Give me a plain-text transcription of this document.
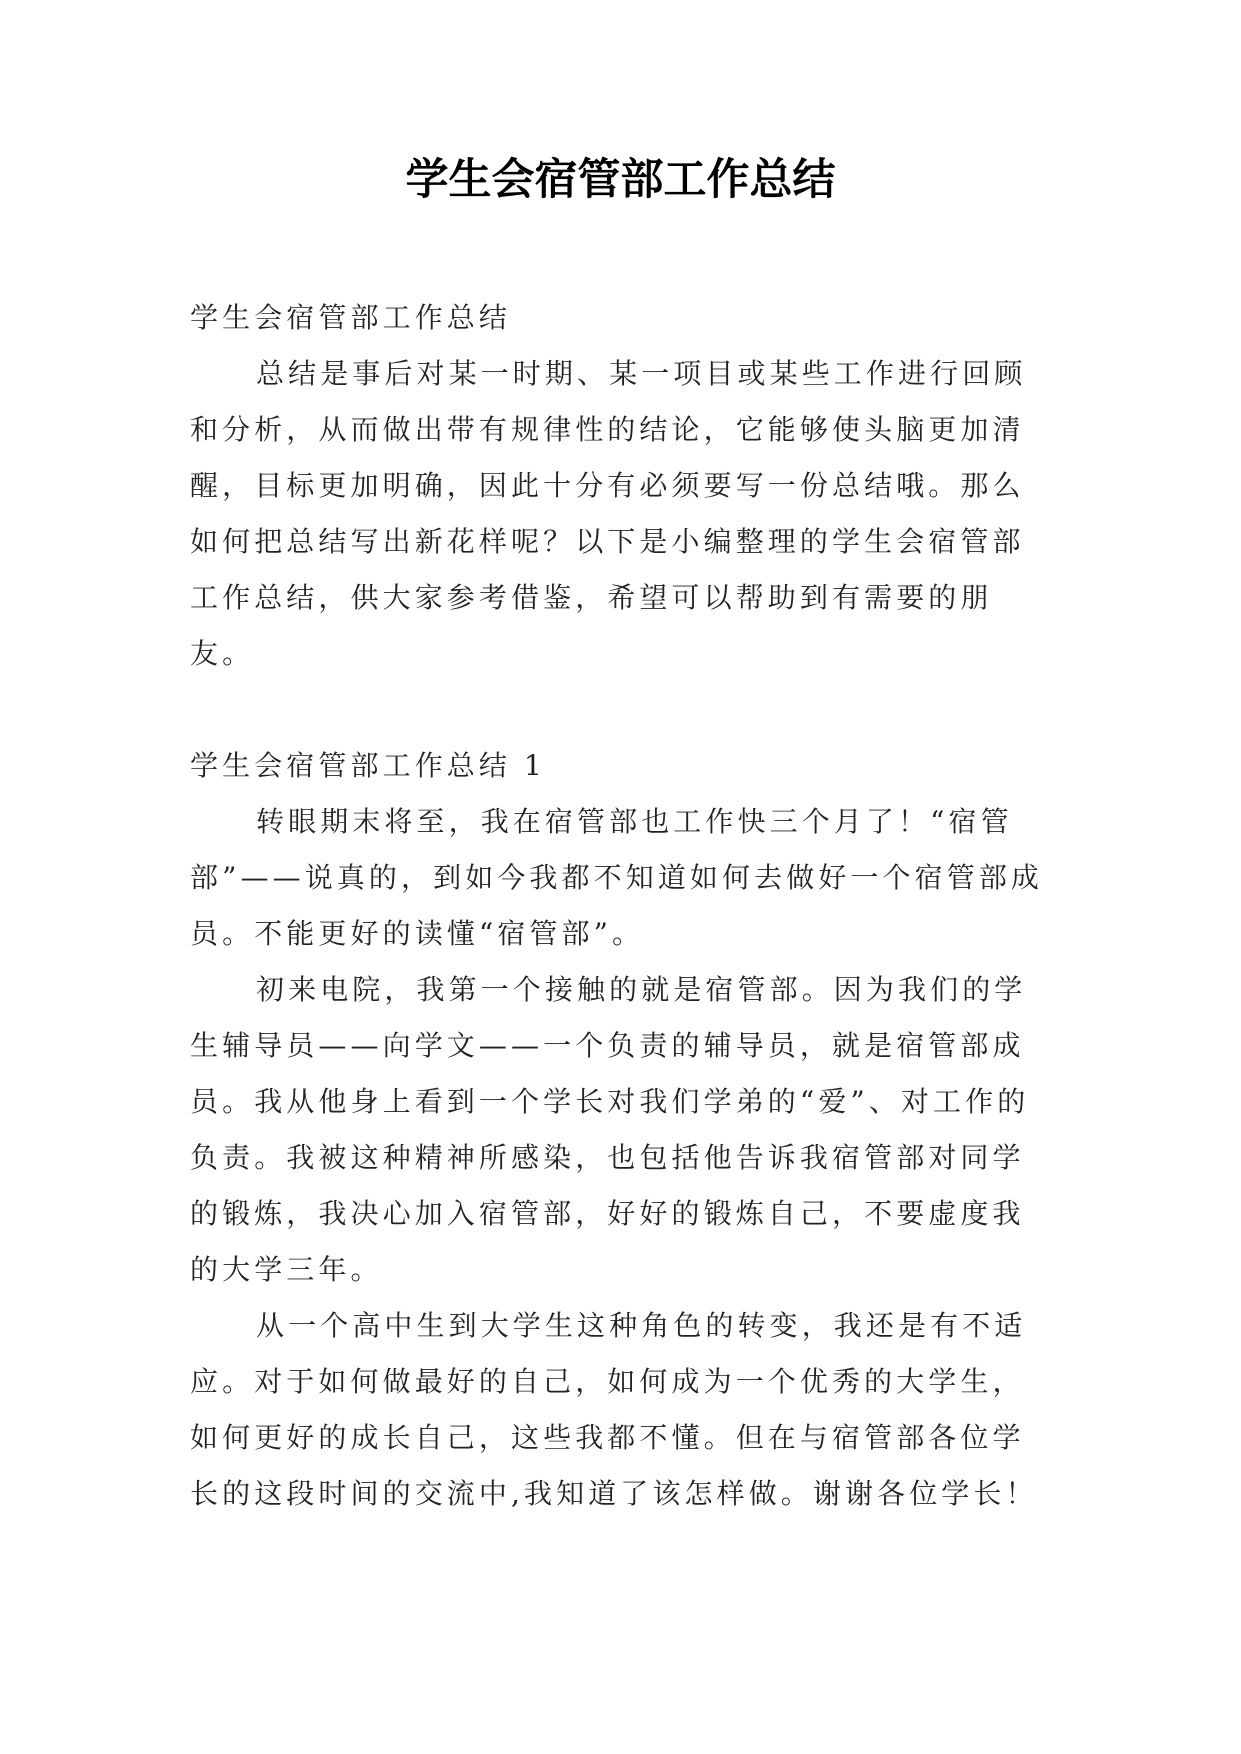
学生会宿管部工作总结

学生会宿管部工作总结

总结是事后对某一时期、某一项目或某些工作进行回顾和分析，从而做出带有规律性的结论，它能够使头脑更加清醒，目标更加明确，因此十分有必须要写一份总结哦。那么如何把总结写出新花样呢？以下是小编整理的学生会宿管部工作总结，供大家参考借鉴，希望可以帮助到有需要的朋友。

学生会宿管部工作总结 1

转眼期末将至，我在宿管部也工作快三个月了！“宿管部”——说真的，到如今我都不知道如何去做好一个宿管部成员。不能更好的读懂“宿管部”。

初来电院，我第一个接触的就是宿管部。因为我们的学生辅导员——向学文——一个负责的辅导员，就是宿管部成员。我从他身上看到一个学长对我们学弟的“爱”、对工作的负责。我被这种精神所感染，也包括他告诉我宿管部对同学的锻炼，我决心加入宿管部，好好的锻炼自己，不要虚度我的大学三年。

从一个高中生到大学生这种角色的转变，我还是有不适应。对于如何做最好的自己，如何成为一个优秀的大学生，如何更好的成长自己，这些我都不懂。但在与宿管部各位学长的这段时间的交流中,我知道了该怎样做。谢谢各位学长！
